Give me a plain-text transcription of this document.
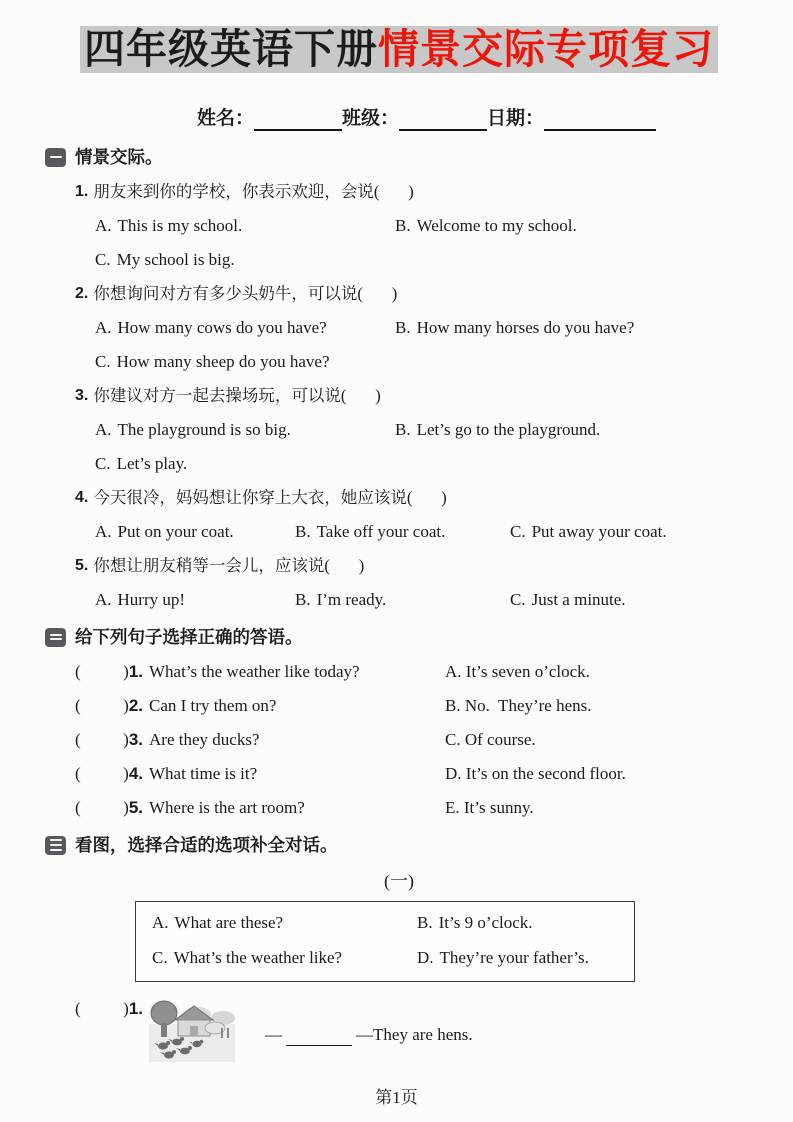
四年级英语下册情景交际专项复习
姓名：	班级：	日期：
情景交际。
1. 朋友来到你的学校，你表示欢迎，会说(       )
A. This is my school.	B. Welcome to my school.
C. My school is big.
2. 你想询问对方有多少头奶牛，可以说(       )
A. How many cows do you have?	B. How many horses do you have?
C. How many sheep do you have?
3. 你建议对方一起去操场玩，可以说(       )
A. The playground is so big.	B. Let’s go to the playground.
C. Let’s play.
4. 今天很冷，妈妈想让你穿上大衣，她应该说(       )
A. Put on your coat.	B. Take off your coat.	C. Put away your coat.
5. 你想让朋友稍等一会儿，应该说(       )
A. Hurry up!	B. I’m ready.	C. Just a minute.
给下列句子选择正确的答语。
(          ) 1. What’s the weather like today?	A. It’s seven o’clock.
(          ) 2. Can I try them on?	B. No.  They’re hens.
(          ) 3. Are they ducks?	C. Of course.
(          ) 4. What time is it?	D. It’s on the second floor.
(          ) 5. Where is the art room?	E. It’s sunny.
看图，选择合适的选项补全对话。
(一)
A. What are these?	B. It’s 9 o’clock.
C. What’s the weather like?	D. They’re your father’s.
(          ) 1.
—	—They are hens.
第1页
